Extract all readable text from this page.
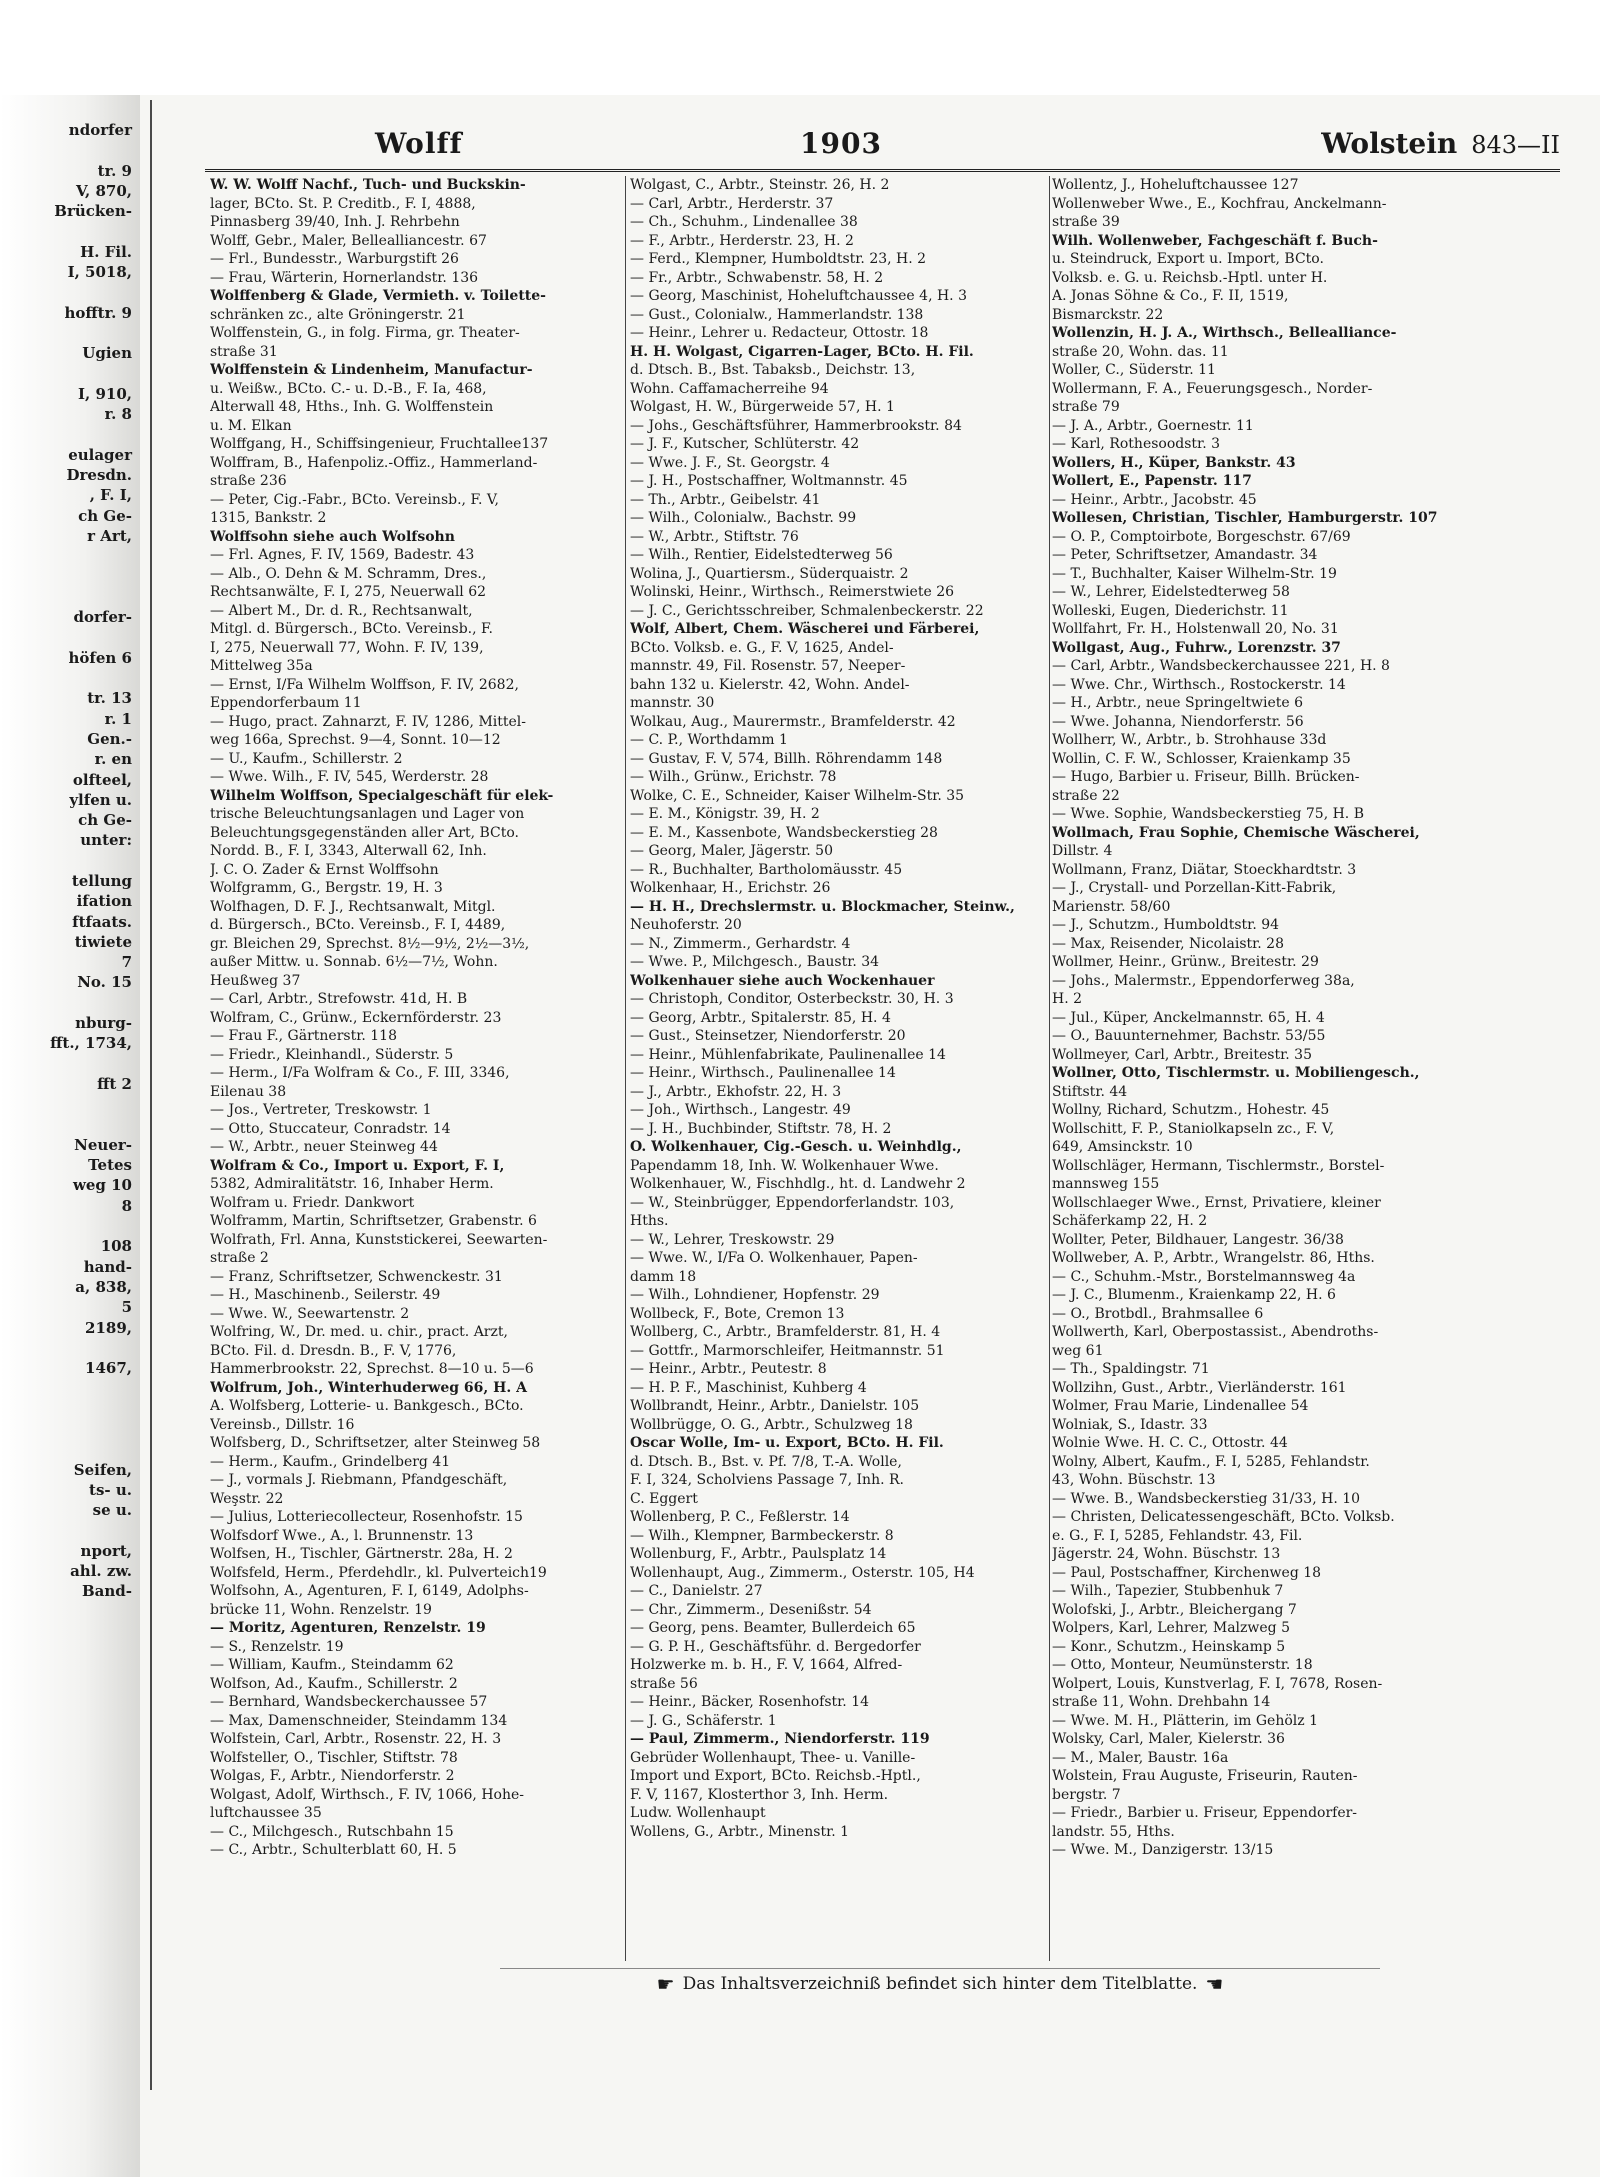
ndorfer

tr. 9
V, 870,
Brücken-

H. Fil.
I, 5018,

hofftr. 9

Ugien

I, 910,
r. 8

eulager
Dresdn.
, F. I,
ch Ge-
r Art,

dorfer-

höfen 6

tr. 13
r. 1
Gen.-
r. en
olfteel,
ylfen u.
ch Ge-
unter:

tellung
ifation
ftfaats.
tiwiete
7
No. 15

nburg-
fft., 1734,

fft 2

Neuer-
Tetes
weg 10
8

108
hand-
a, 838,
5
2189,

1467,

Seifen,
ts- u.
se u.

nport,
ahl. zw.
Band-
Wolff	1903	Wolstein 843—II
W. W. Wolff Nachf., Tuch- und Buckskin-
lager, BCto. St. P. Creditb., F. I, 4888,
Pinnasberg 39/40, Inh. J. Rehrbehn
Wolff, Gebr., Maler, Bellealliancestr. 67
— Frl., Bundesstr., Warburgstift 26
— Frau, Wärterin, Hornerlandstr. 136
Wolffenberg & Glade, Vermieth. v. Toilette-
schränken zc., alte Gröningerstr. 21
Wolffenstein, G., in folg. Firma, gr. Theater-
straße 31
Wolffenstein & Lindenheim, Manufactur-
u. Weißw., BCto. C.- u. D.-B., F. Ia, 468,
Alterwall 48, Hths., Inh. G. Wolffenstein
u. M. Elkan
Wolffgang, H., Schiffsingenieur, Fruchtallee137
Wolffram, B., Hafenpoliz.-Offiz., Hammerland-
straße 236
— Peter, Cig.-Fabr., BCto. Vereinsb., F. V,
1315, Bankstr. 2
Wolffsohn siehe auch Wolfsohn
— Frl. Agnes, F. IV, 1569, Badestr. 43
— Alb., O. Dehn & M. Schramm, Dres.,
Rechtsanwälte, F. I, 275, Neuerwall 62
— Albert M., Dr. d. R., Rechtsanwalt,
Mitgl. d. Bürgersch., BCto. Vereinsb., F.
I, 275, Neuerwall 77, Wohn. F. IV, 139,
Mittelweg 35a
— Ernst, I/Fa Wilhelm Wolffson, F. IV, 2682,
Eppendorferbaum 11
— Hugo, pract. Zahnarzt, F. IV, 1286, Mittel-
weg 166a, Sprechst. 9—4, Sonnt. 10—12
— U., Kaufm., Schillerstr. 2
— Wwe. Wilh., F. IV, 545, Werderstr. 28
Wilhelm Wolffson, Specialgeschäft für elek-
trische Beleuchtungsanlagen und Lager von
Beleuchtungsgegenständen aller Art, BCto.
Nordd. B., F. I, 3343, Alterwall 62, Inh.
J. C. O. Zader & Ernst Wolffsohn
Wolfgramm, G., Bergstr. 19, H. 3
Wolfhagen, D. F. J., Rechtsanwalt, Mitgl.
d. Bürgersch., BCto. Vereinsb., F. I, 4489,
gr. Bleichen 29, Sprechst. 8½—9½, 2½—3½,
außer Mittw. u. Sonnab. 6½—7½, Wohn.
Heußweg 37
— Carl, Arbtr., Strefowstr. 41d, H. B
Wolfram, C., Grünw., Eckernförderstr. 23
— Frau F., Gärtnerstr. 118
— Friedr., Kleinhandl., Süderstr. 5
— Herm., I/Fa Wolfram & Co., F. III, 3346,
Eilenau 38
— Jos., Vertreter, Treskowstr. 1
— Otto, Stuccateur, Conradstr. 14
— W., Arbtr., neuer Steinweg 44
Wolfram & Co., Import u. Export, F. I,
5382, Admiralitätstr. 16, Inhaber Herm.
Wolfram u. Friedr. Dankwort
Wolframm, Martin, Schriftsetzer, Grabenstr. 6
Wolfrath, Frl. Anna, Kunststickerei, Seewarten-
straße 2
— Franz, Schriftsetzer, Schwenckestr. 31
— H., Maschinenb., Seilerstr. 49
— Wwe. W., Seewartenstr. 2
Wolfring, W., Dr. med. u. chir., pract. Arzt,
BCto. Fil. d. Dresdn. B., F. V, 1776,
Hammerbrookstr. 22, Sprechst. 8—10 u. 5—6
Wolfrum, Joh., Winterhuderweg 66, H. A
A. Wolfsberg, Lotterie- u. Bankgesch., BCto.
Vereinsb., Dillstr. 16
Wolfsberg, D., Schriftsetzer, alter Steinweg 58
— Herm., Kaufm., Grindelberg 41
— J., vormals J. Riebmann, Pfandgeschäft,
Weşstr. 22
— Julius, Lotteriecollecteur, Rosenhofstr. 15
Wolfsdorf Wwe., A., l. Brunnenstr. 13
Wolfsen, H., Tischler, Gärtnerstr. 28a, H. 2
Wolfsfeld, Herm., Pferdehdlr., kl. Pulverteich19
Wolfsohn, A., Agenturen, F. I, 6149, Adolphs-
brücke 11, Wohn. Renzelstr. 19
— Moritz, Agenturen, Renzelstr. 19
— S., Renzelstr. 19
— William, Kaufm., Steindamm 62
Wolfson, Ad., Kaufm., Schillerstr. 2
— Bernhard, Wandsbeckerchaussee 57
— Max, Damenschneider, Steindamm 134
Wolfstein, Carl, Arbtr., Rosenstr. 22, H. 3
Wolfsteller, O., Tischler, Stiftstr. 78
Wolgas, F., Arbtr., Niendorferstr. 2
Wolgast, Adolf, Wirthsch., F. IV, 1066, Hohe-
luftchaussee 35
— C., Milchgesch., Rutschbahn 15
— C., Arbtr., Schulterblatt 60, H. 5
Wolgast, C., Arbtr., Steinstr. 26, H. 2
— Carl, Arbtr., Herderstr. 37
— Ch., Schuhm., Lindenallee 38
— F., Arbtr., Herderstr. 23, H. 2
— Ferd., Klempner, Humboldtstr. 23, H. 2
— Fr., Arbtr., Schwabenstr. 58, H. 2
— Georg, Maschinist, Hoheluftchaussee 4, H. 3
— Gust., Colonialw., Hammerlandstr. 138
— Heinr., Lehrer u. Redacteur, Ottostr. 18
H. H. Wolgast, Cigarren-Lager, BCto. H. Fil.
d. Dtsch. B., Bst. Tabaksb., Deichstr. 13,
Wohn. Caffamacherreihe 94
Wolgast, H. W., Bürgerweide 57, H. 1
— Johs., Geschäftsführer, Hammerbrookstr. 84
— J. F., Kutscher, Schlüterstr. 42
— Wwe. J. F., St. Georgstr. 4
— J. H., Postschaffner, Woltmannstr. 45
— Th., Arbtr., Geibelstr. 41
— Wilh., Colonialw., Bachstr. 99
— W., Arbtr., Stiftstr. 76
— Wilh., Rentier, Eidelstedterweg 56
Wolina, J., Quartiersm., Süderquaistr. 2
Wolinski, Heinr., Wirthsch., Reimerstwiete 26
— J. C., Gerichtsschreiber, Schmalenbeckerstr. 22
Wolf, Albert, Chem. Wäscherei und Färberei,
BCto. Volksb. e. G., F. V, 1625, Andel-
mannstr. 49, Fil. Rosenstr. 57, Neeper-
bahn 132 u. Kielerstr. 42, Wohn. Andel-
mannstr. 30
Wolkau, Aug., Maurermstr., Bramfelderstr. 42
— C. P., Worthdamm 1
— Gustav, F. V, 574, Billh. Röhrendamm 148
— Wilh., Grünw., Erichstr. 78
Wolke, C. E., Schneider, Kaiser Wilhelm-Str. 35
— E. M., Königstr. 39, H. 2
— E. M., Kassenbote, Wandsbeckerstieg 28
— Georg, Maler, Jägerstr. 50
— R., Buchhalter, Bartholomäusstr. 45
Wolkenhaar, H., Erichstr. 26
— H. H., Drechslermstr. u. Blockmacher, Steinw.,
Neuhoferstr. 20
— N., Zimmerm., Gerhardstr. 4
— Wwe. P., Milchgesch., Baustr. 34
Wolkenhauer siehe auch Wockenhauer
— Christoph, Conditor, Osterbeckstr. 30, H. 3
— Georg, Arbtr., Spitalerstr. 85, H. 4
— Gust., Steinsetzer, Niendorferstr. 20
— Heinr., Mühlenfabrikate, Paulinenallee 14
— Heinr., Wirthsch., Paulinenallee 14
— J., Arbtr., Ekhofstr. 22, H. 3
— Joh., Wirthsch., Langestr. 49
— J. H., Buchbinder, Stiftstr. 78, H. 2
O. Wolkenhauer, Cig.-Gesch. u. Weinhdlg.,
Papendamm 18, Inh. W. Wolkenhauer Wwe.
Wolkenhauer, W., Fischhdlg., ht. d. Landwehr 2
— W., Steinbrügger, Eppendorferlandstr. 103,
Hths.
— W., Lehrer, Treskowstr. 29
— Wwe. W., I/Fa O. Wolkenhauer, Papen-
damm 18
— Wilh., Lohndiener, Hopfenstr. 29
Wollbeck, F., Bote, Cremon 13
Wollberg, C., Arbtr., Bramfelderstr. 81, H. 4
— Gottfr., Marmorschleifer, Heitmannstr. 51
— Heinr., Arbtr., Peutestr. 8
— H. P. F., Maschinist, Kuhberg 4
Wollbrandt, Heinr., Arbtr., Danielstr. 105
Wollbrügge, O. G., Arbtr., Schulzweg 18
Oscar Wolle, Im- u. Export, BCto. H. Fil.
d. Dtsch. B., Bst. v. Pf. 7/8, T.-A. Wolle,
F. I, 324, Scholviens Passage 7, Inh. R.
C. Eggert
Wollenberg, P. C., Feßlerstr. 14
— Wilh., Klempner, Barmbeckerstr. 8
Wollenburg, F., Arbtr., Paulsplatz 14
Wollenhaupt, Aug., Zimmerm., Osterstr. 105, H4
— C., Danielstr. 27
— Chr., Zimmerm., Desenißstr. 54
— Georg, pens. Beamter, Bullerdeich 65
— G. P. H., Geschäftsführ. d. Bergedorfer
Holzwerke m. b. H., F. V, 1664, Alfred-
straße 56
— Heinr., Bäcker, Rosenhofstr. 14
— J. G., Schäferstr. 1
— Paul, Zimmerm., Niendorferstr. 119
Gebrüder Wollenhaupt, Thee- u. Vanille-
Import und Export, BCto. Reichsb.-Hptl.,
F. V, 1167, Klosterthor 3, Inh. Herm.
Ludw. Wollenhaupt
Wollens, G., Arbtr., Minenstr. 1
Wollentz, J., Hoheluftchaussee 127
Wollenweber Wwe., E., Kochfrau, Anckelmann-
straße 39
Wilh. Wollenweber, Fachgeschäft f. Buch-
u. Steindruck, Export u. Import, BCto.
Volksb. e. G. u. Reichsb.-Hptl. unter H.
A. Jonas Söhne & Co., F. II, 1519,
Bismarckstr. 22
Wollenzin, H. J. A., Wirthsch., Bellealliance-
straße 20, Wohn. das. 11
Woller, C., Süderstr. 11
Wollermann, F. A., Feuerungsgesch., Norder-
straße 79
— J. A., Arbtr., Goernestr. 11
— Karl, Rothesoodstr. 3
Wollers, H., Küper, Bankstr. 43
Wollert, E., Papenstr. 117
— Heinr., Arbtr., Jacobstr. 45
Wollesen, Christian, Tischler, Hamburgerstr. 107
— O. P., Comptoirbote, Borgeschstr. 67/69
— Peter, Schriftsetzer, Amandastr. 34
— T., Buchhalter, Kaiser Wilhelm-Str. 19
— W., Lehrer, Eidelstedterweg 58
Wolleski, Eugen, Diederichstr. 11
Wollfahrt, Fr. H., Holstenwall 20, No. 31
Wollgast, Aug., Fuhrw., Lorenzstr. 37
— Carl, Arbtr., Wandsbeckerchaussee 221, H. 8
— Wwe. Chr., Wirthsch., Rostockerstr. 14
— H., Arbtr., neue Springeltwiete 6
— Wwe. Johanna, Niendorferstr. 56
Wollherr, W., Arbtr., b. Strohhause 33d
Wollin, C. F. W., Schlosser, Kraienkamp 35
— Hugo, Barbier u. Friseur, Billh. Brücken-
straße 22
— Wwe. Sophie, Wandsbeckerstieg 75, H. B
Wollmach, Frau Sophie, Chemische Wäscherei,
Dillstr. 4
Wollmann, Franz, Diätar, Stoeckhardtstr. 3
— J., Crystall- und Porzellan-Kitt-Fabrik,
Marienstr. 58/60
— J., Schutzm., Humboldtstr. 94
— Max, Reisender, Nicolaistr. 28
Wollmer, Heinr., Grünw., Breitestr. 29
— Johs., Malermstr., Eppendorferweg 38a,
H. 2
— Jul., Küper, Anckelmannstr. 65, H. 4
— O., Bauunternehmer, Bachstr. 53/55
Wollmeyer, Carl, Arbtr., Breitestr. 35
Wollner, Otto, Tischlermstr. u. Mobiliengesch.,
Stiftstr. 44
Wollny, Richard, Schutzm., Hohestr. 45
Wollschitt, F. P., Staniolkapseln zc., F. V,
649, Amsinckstr. 10
Wollschläger, Hermann, Tischlermstr., Borstel-
mannsweg 155
Wollschlaeger Wwe., Ernst, Privatiere, kleiner
Schäferkamp 22, H. 2
Wollter, Peter, Bildhauer, Langestr. 36/38
Wollweber, A. P., Arbtr., Wrangelstr. 86, Hths.
— C., Schuhm.-Mstr., Borstelmannsweg 4a
— J. C., Blumenm., Kraienkamp 22, H. 6
— O., Brotbdl., Brahmsallee 6
Wollwerth, Karl, Oberpostassist., Abendroths-
weg 61
— Th., Spaldingstr. 71
Wollzihn, Gust., Arbtr., Vierländerstr. 161
Wolmer, Frau Marie, Lindenallee 54
Wolniak, S., Idastr. 33
Wolnie Wwe. H. C. C., Ottostr. 44
Wolny, Albert, Kaufm., F. I, 5285, Fehlandstr.
43, Wohn. Büschstr. 13
— Wwe. B., Wandsbeckerstieg 31/33, H. 10
— Christen, Delicatessengeschäft, BCto. Volksb.
e. G., F. I, 5285, Fehlandstr. 43, Fil.
Jägerstr. 24, Wohn. Büschstr. 13
— Paul, Postschaffner, Kirchenweg 18
— Wilh., Tapezier, Stubbenhuk 7
Wolofski, J., Arbtr., Bleichergang 7
Wolpers, Karl, Lehrer, Malzweg 5
— Konr., Schutzm., Heinskamp 5
— Otto, Monteur, Neumünsterstr. 18
Wolpert, Louis, Kunstverlag, F. I, 7678, Rosen-
straße 11, Wohn. Drehbahn 14
— Wwe. M. H., Plätterin, im Gehölz 1
Wolsky, Carl, Maler, Kielerstr. 36
— M., Maler, Baustr. 16a
Wolstein, Frau Auguste, Friseurin, Rauten-
bergstr. 7
— Friedr., Barbier u. Friseur, Eppendorfer-
landstr. 55, Hths.
— Wwe. M., Danzigerstr. 13/15
☛ Das Inhaltsverzeichniß befindet sich hinter dem Titelblatte. ☚
